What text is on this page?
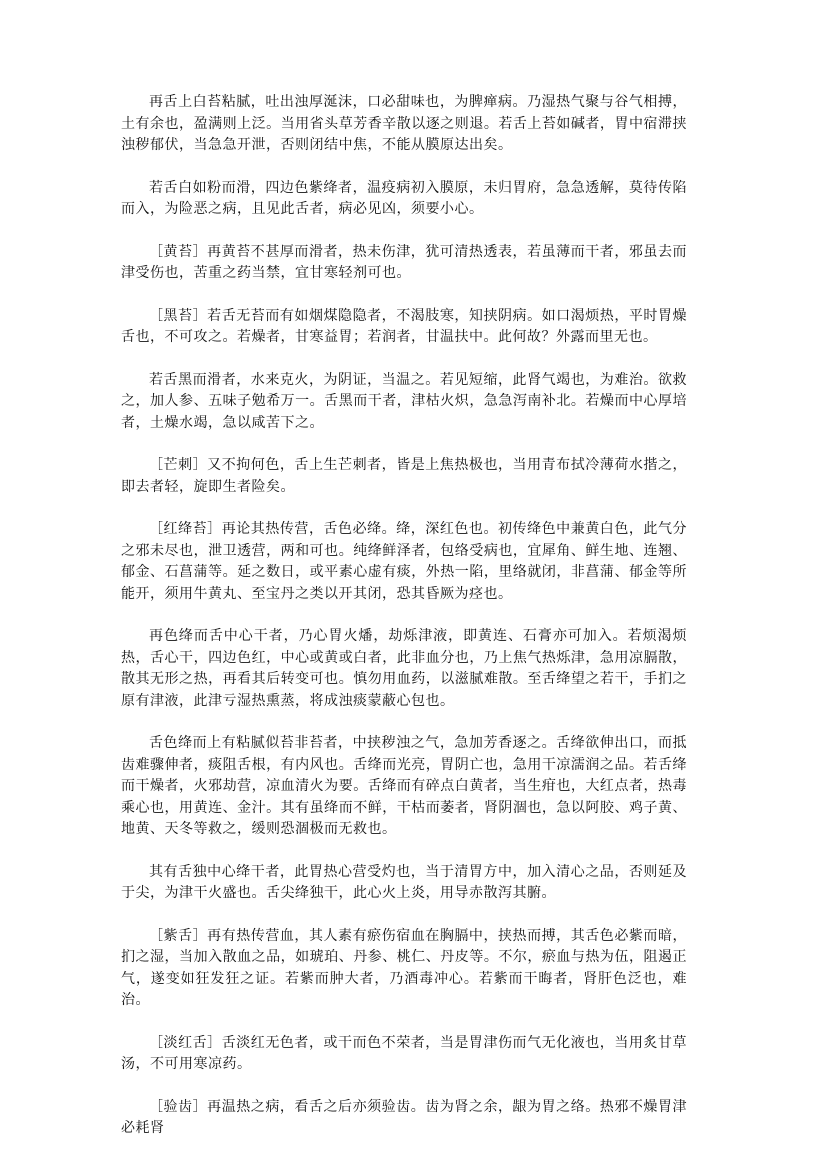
再舌上白苔粘腻，吐出浊厚涎沫，口必甜味也，为脾瘅病。乃湿热气聚与谷气相搏，土有余也，盈满则上泛。当用省头草芳香辛散以逐之则退。若舌上苔如碱者，胃中宿滞挟浊秽郁伏，当急急开泄，否则闭结中焦，不能从膜原达出矣。

若舌白如粉而滑，四边色紫绛者，温疫病初入膜原，未归胃府，急急透解，莫待传陷而入，为险恶之病，且见此舌者，病必见凶，须要小心。

［黄苔］再黄苔不甚厚而滑者，热未伤津，犹可清热透表，若虽薄而干者，邪虽去而津受伤也，苦重之药当禁，宜甘寒轻剂可也。

［黑苔］若舌无苔而有如烟煤隐隐者，不渴肢寒，知挟阴病。如口渴烦热，平时胃燥舌也，不可攻之。若燥者，甘寒益胃；若润者，甘温扶中。此何故？外露而里无也。

若舌黑而滑者，水来克火，为阴证，当温之。若见短缩，此肾气竭也，为难治。欲救之，加人参、五味子勉希万一。舌黑而干者，津枯火炽，急急泻南补北。若燥而中心厚培者，土燥水竭，急以咸苦下之。

［芒刺］又不拘何色，舌上生芒刺者，皆是上焦热极也，当用青布拭冷薄荷水揩之，即去者轻，旋即生者险矣。

［红绛苔］再论其热传营，舌色必绛。绛，深红色也。初传绛色中兼黄白色，此气分之邪未尽也，泄卫透营，两和可也。纯绛鲜泽者，包络受病也，宜犀角、鲜生地、连翘、郁金、石菖蒲等。延之数日，或平素心虚有痰，外热一陷，里络就闭，非菖蒲、郁金等所能开，须用牛黄丸、至宝丹之类以开其闭，恐其昏厥为痉也。

再色绛而舌中心干者，乃心胃火燔，劫烁津液，即黄连、石膏亦可加入。若烦渴烦热，舌心干，四边色红，中心或黄或白者，此非血分也，乃上焦气热烁津，急用凉膈散，散其无形之热，再看其后转变可也。慎勿用血药，以滋腻难散。至舌绛望之若干，手扪之原有津液，此津亏湿热熏蒸，将成浊痰蒙蔽心包也。

舌色绛而上有粘腻似苔非苔者，中挟秽浊之气，急加芳香逐之。舌绛欲伸出口，而抵齿难骤伸者，痰阻舌根，有内风也。舌绛而光亮，胃阴亡也，急用干凉濡润之品。若舌绛而干燥者，火邪劫营，凉血清火为要。舌绛而有碎点白黄者，当生疳也，大红点者，热毒乘心也，用黄连、金汁。其有虽绛而不鲜，干枯而萎者，肾阴涸也，急以阿胶、鸡子黄、地黄、天冬等救之，缓则恐涸极而无救也。

其有舌独中心绛干者，此胃热心营受灼也，当于清胃方中，加入清心之品，否则延及于尖，为津干火盛也。舌尖绛独干，此心火上炎，用导赤散泻其腑。

［紫舌］再有热传营血，其人素有瘀伤宿血在胸膈中，挟热而搏，其舌色必紫而暗，扪之湿，当加入散血之品，如琥珀、丹参、桃仁、丹皮等。不尔，瘀血与热为伍，阻遏正气，遂变如狂发狂之证。若紫而肿大者，乃酒毒冲心。若紫而干晦者，肾肝色泛也，难治。

［淡红舌］舌淡红无色者，或干而色不荣者，当是胃津伤而气无化液也，当用炙甘草汤，不可用寒凉药。

［验齿］再温热之病，看舌之后亦须验齿。齿为肾之余，龈为胃之络。热邪不燥胃津必耗肾
